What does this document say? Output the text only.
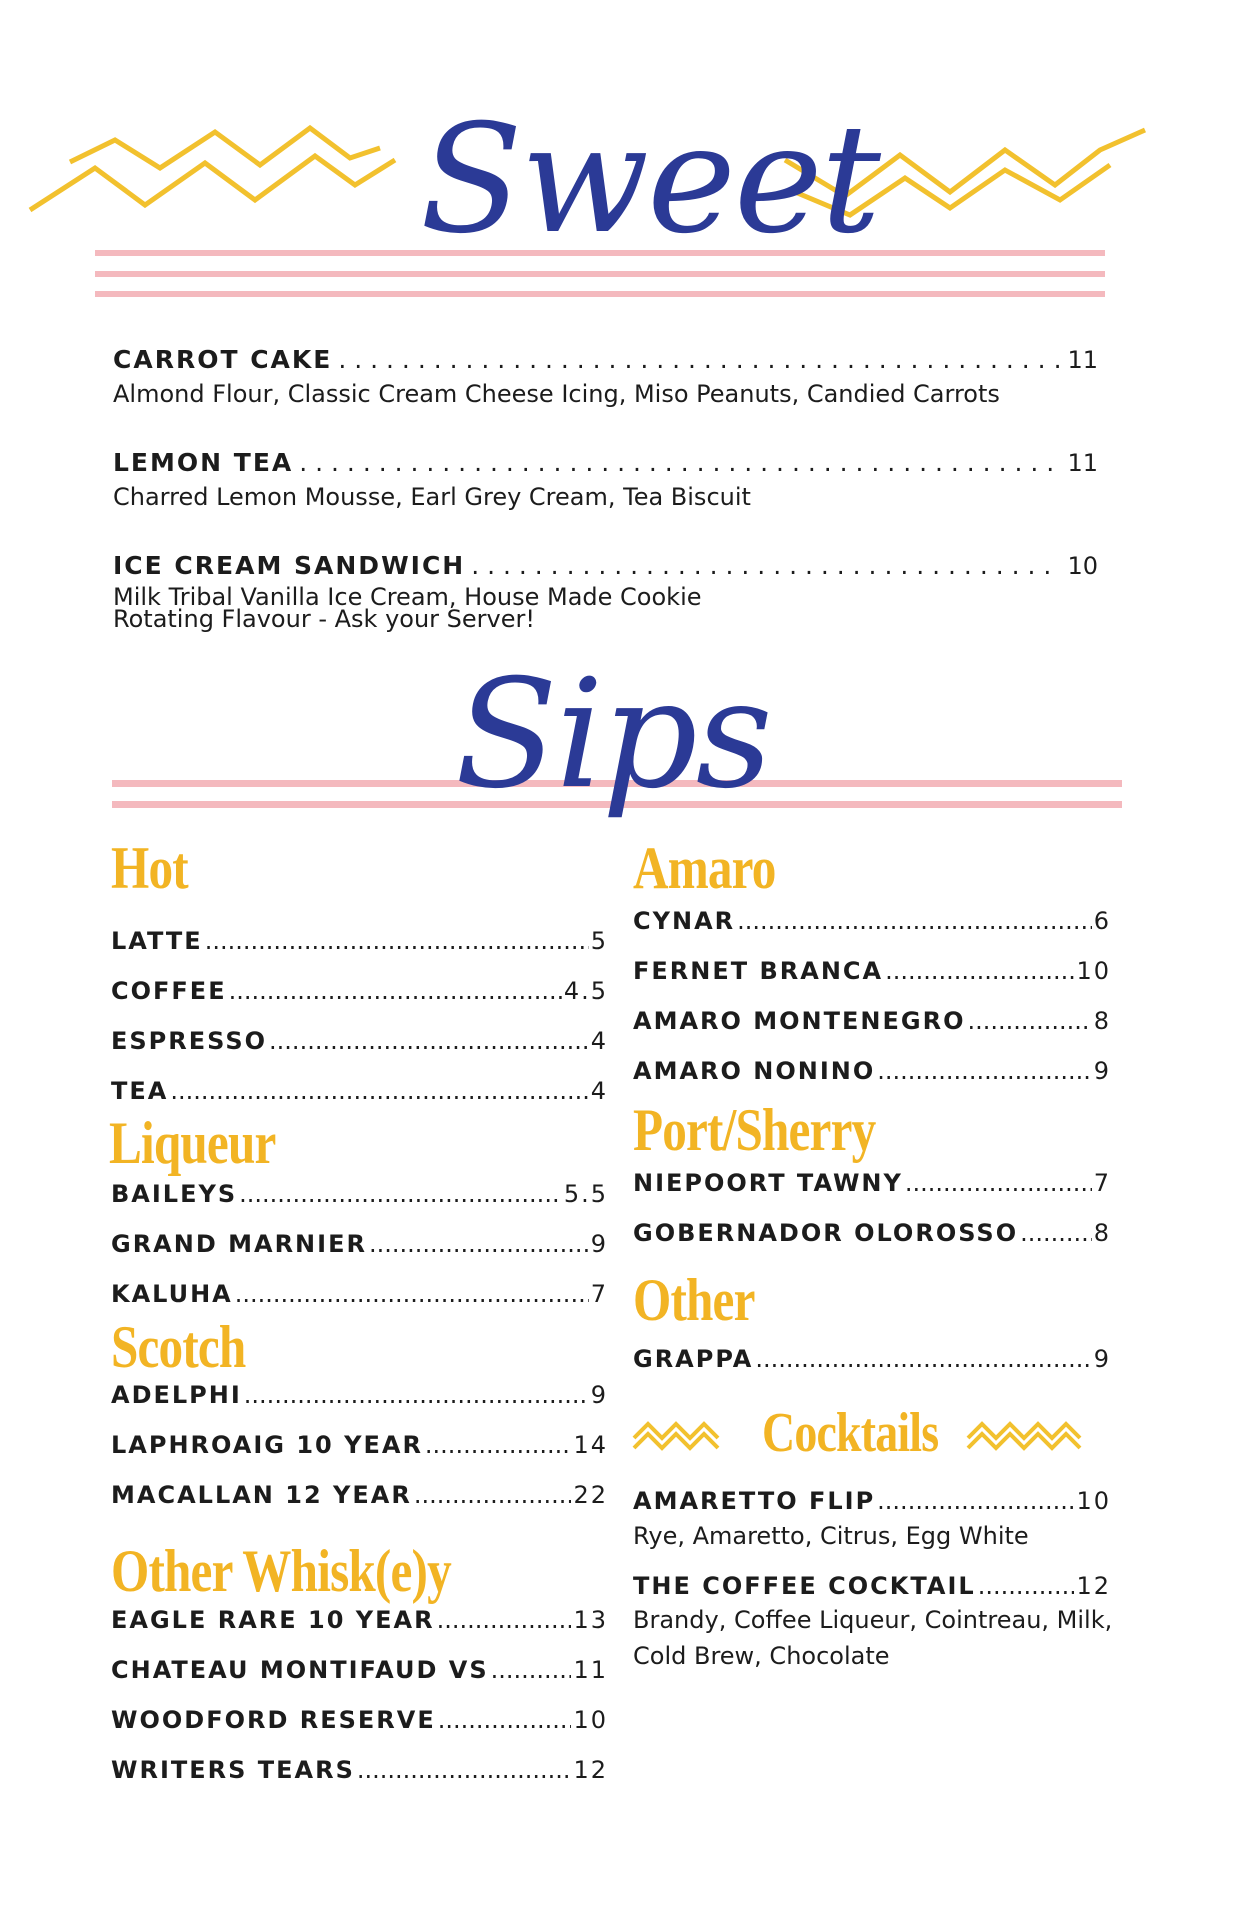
Sweet
CARROT CAKE . . .	11
Almond Flour, Classic Cream Cheese Icing, Miso Peanuts, Candied Carrots
LEMON TEA . . .	11
Charred Lemon Mousse, Earl Grey Cream, Tea Biscuit
ICE CREAM SANDWICH . . .	10
Milk Tribal Vanilla Ice Cream, House Made Cookie
Rotating Flavour - Ask your Server!
Sips
Hot
LATTE .....	5
COFFEE .....	4.5
ESPRESSO .....	4
TEA .....	4
Liqueur
BAILEYS .....	5.5
GRAND MARNIER .....	9
KALUHA .....	7
Scotch
ADELPHI .....	9
LAPHROAIG 10 YEAR .....	14
MACALLAN 12 YEAR .....	22
Other Whisk(e)y
EAGLE RARE 10 YEAR .....	13
CHATEAU MONTIFAUD VS .....	11
WOODFORD RESERVE .....	10
WRITERS TEARS .....	12
Amaro
CYNAR .....	6
FERNET BRANCA .....	10
AMARO MONTENEGRO .....	8
AMARO NONINO .....	9
Port/Sherry
NIEPOORT TAWNY .....	7
GOBERNADOR OLOROSSO .....	8
Other
GRAPPA .....	9
Cocktails
AMARETTO FLIP .....	10
Rye, Amaretto, Citrus, Egg White
THE COFFEE COCKTAIL .....	12
Brandy, Coffee Liqueur, Cointreau, Milk,
Cold Brew, Chocolate
